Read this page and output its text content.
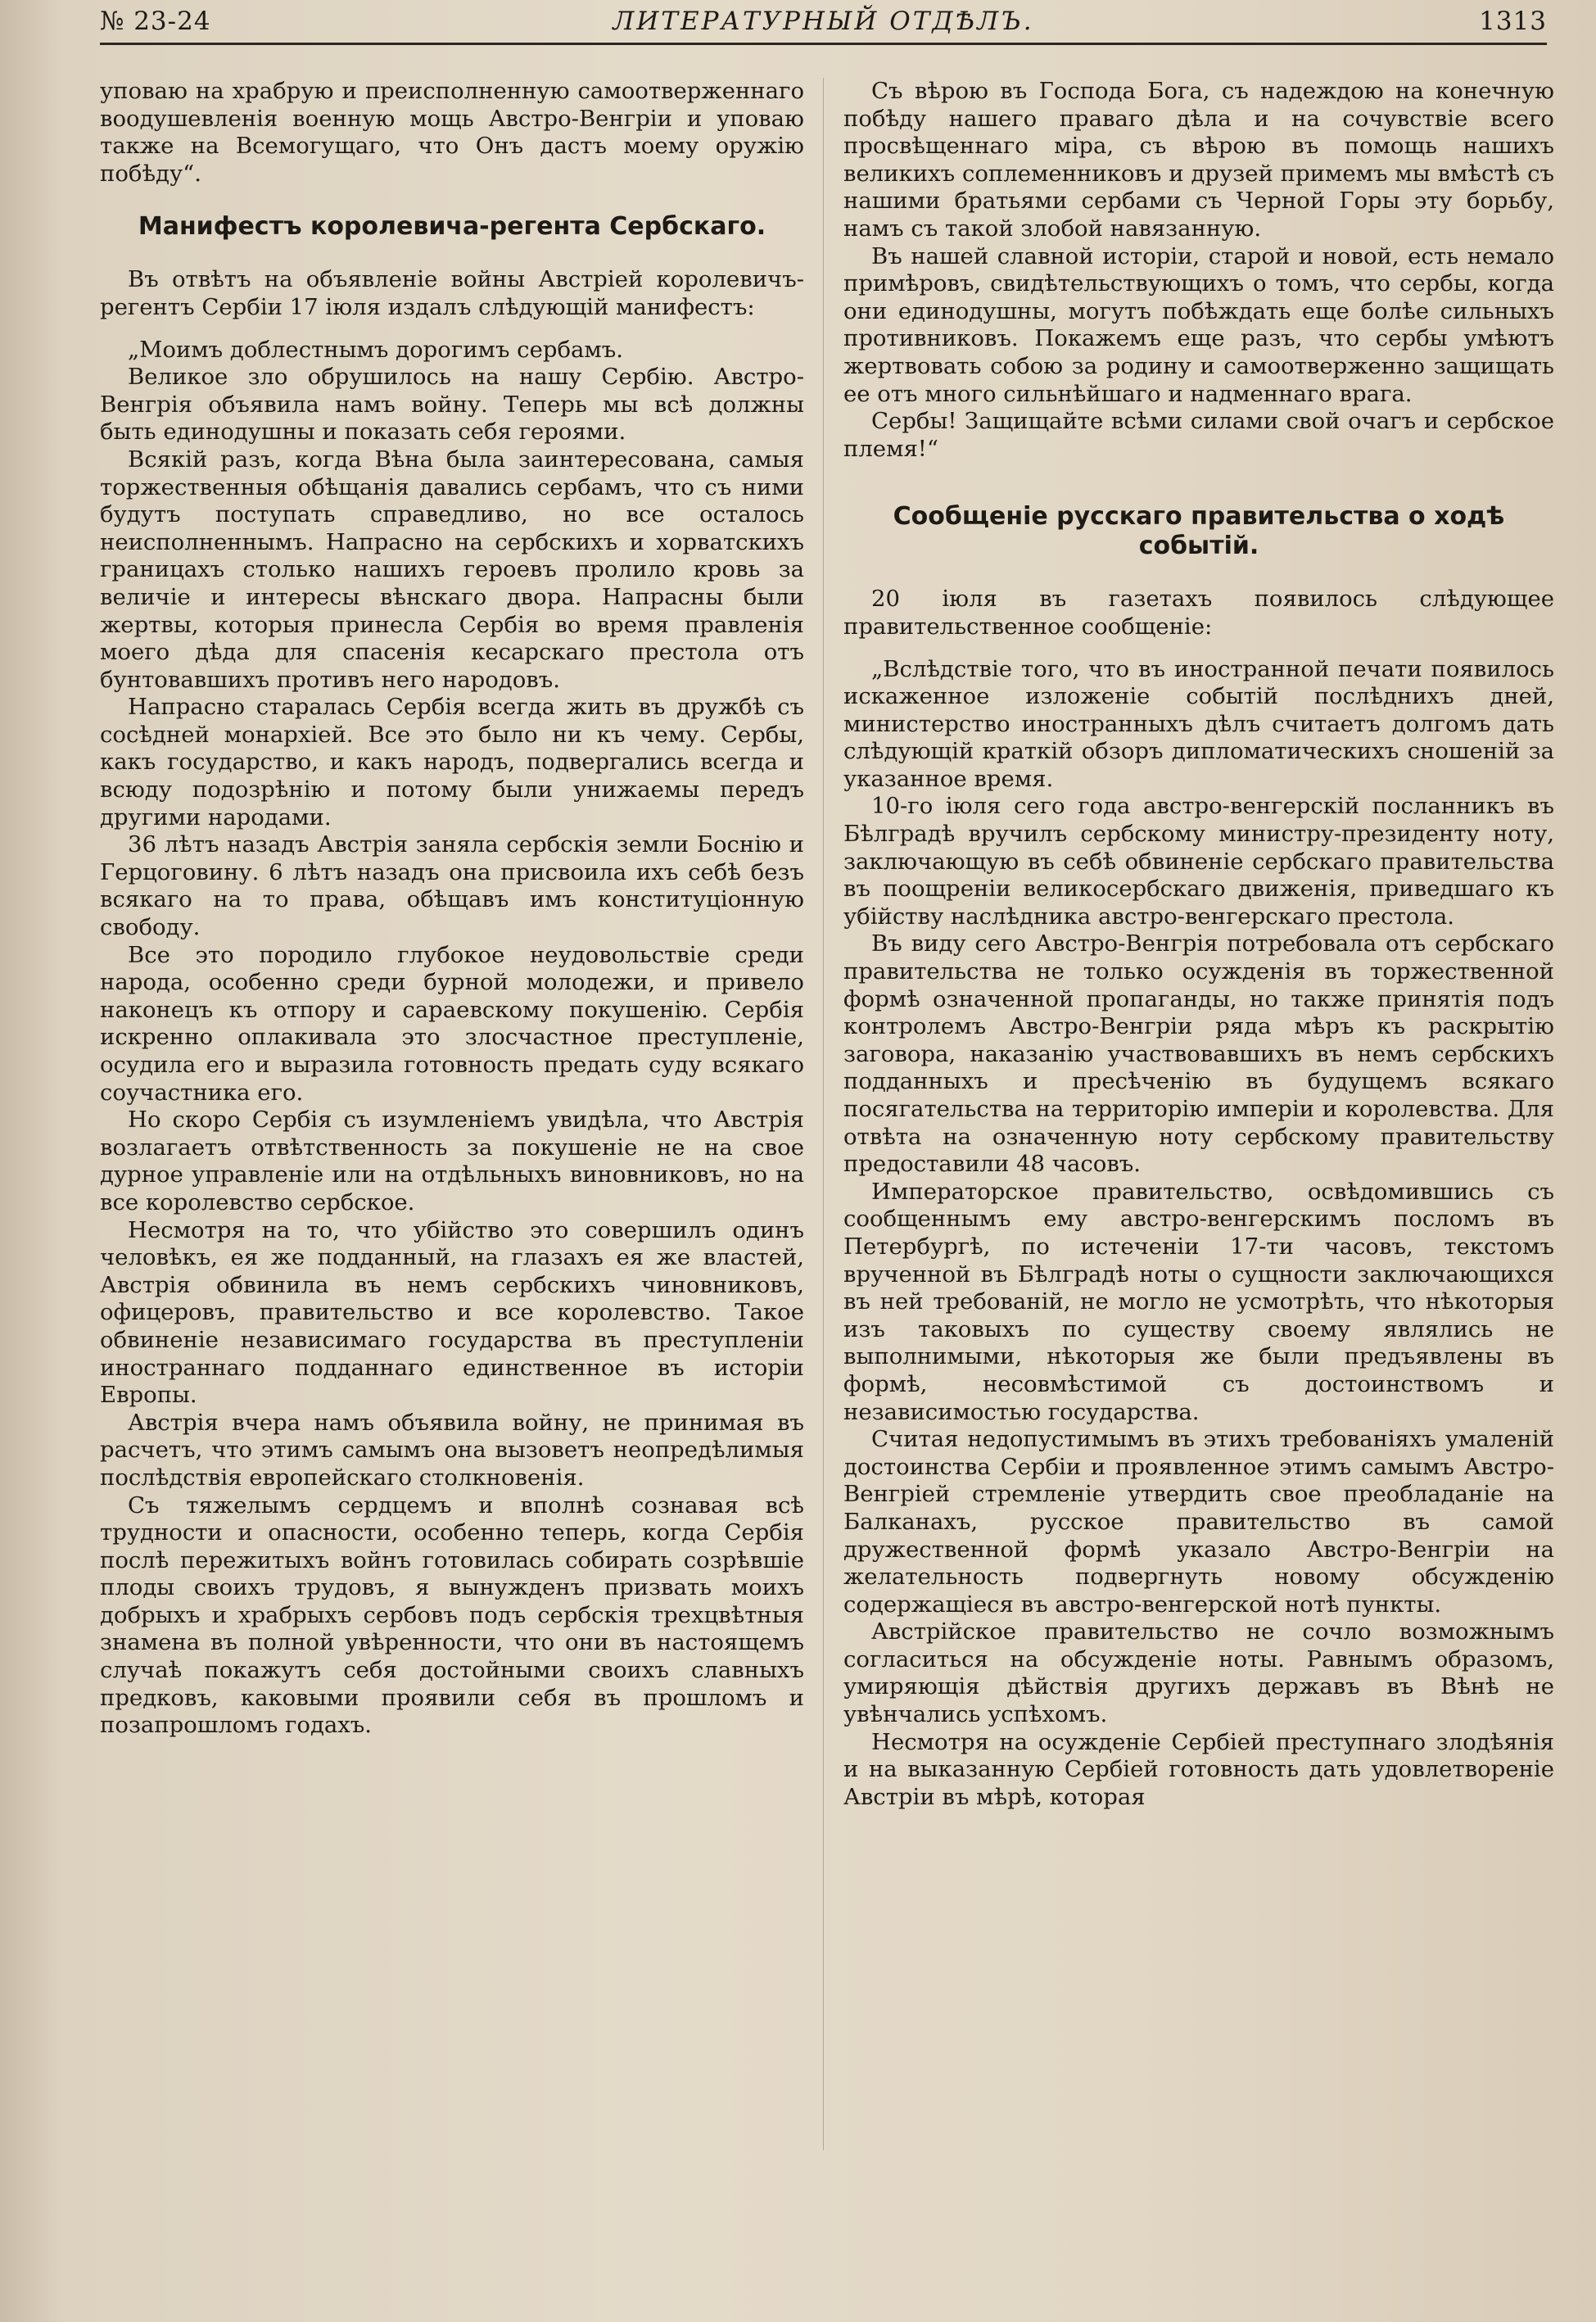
№ 23-24	ЛИТЕРАТУРНЫЙ ОТДѢЛЪ.	1313

уповаю на храбрую и преисполненную самоотверженнаго воодушевленія военную мощь Австро-Венгріи и уповаю также на Всемогущаго, что Онъ дастъ моему оружію побѣду“.

Манифестъ королевича-регента Сербскаго.

Въ отвѣтъ на объявленіе войны Австріей королевичъ-регентъ Сербіи 17 іюля издалъ слѣдующій манифестъ:

„Моимъ доблестнымъ дорогимъ сербамъ.

Великое зло обрушилось на нашу Сербію. Австро-Венгрія объявила намъ войну. Теперь мы всѣ должны быть единодушны и показать себя героями.

Всякій разъ, когда Вѣна была заинтересована, самыя торжественныя обѣщанія давались сербамъ, что съ ними будутъ поступать справедливо, но все осталось неисполненнымъ. Напрасно на сербскихъ и хорватскихъ границахъ столько нашихъ героевъ пролило кровь за величіе и интересы вѣнскаго двора. Напрасны были жертвы, которыя принесла Сербія во время правленія моего дѣда для спасенія кесарскаго престола отъ бунтовавшихъ противъ него народовъ.

Напрасно старалась Сербія всегда жить въ дружбѣ съ сосѣдней монархіей. Все это было ни къ чему. Сербы, какъ государство, и какъ народъ, подвергались всегда и всюду подозрѣнію и потому были унижаемы передъ другими народами.

36 лѣтъ назадъ Австрія заняла сербскія земли Боснію и Герцоговину. 6 лѣтъ назадъ она присвоила ихъ себѣ безъ всякаго на то права, обѣщавъ имъ конституціонную свободу.

Все это породило глубокое неудовольствіе среди народа, особенно среди бурной молодежи, и привело наконецъ къ отпору и сараевскому покушенію. Сербія искренно оплакивала это злосчастное преступленіе, осудила его и выразила готовность предать суду всякаго соучастника его.

Но скоро Сербія съ изумленіемъ увидѣла, что Австрія возлагаетъ отвѣтственность за покушеніе не на свое дурное управленіе или на отдѣльныхъ виновниковъ, но на все королевство сербское.

Несмотря на то, что убійство это совершилъ одинъ человѣкъ, ея же подданный, на глазахъ ея же властей, Австрія обвинила въ немъ сербскихъ чиновниковъ, офицеровъ, правительство и все королевство. Такое обвиненіе независимаго государства въ преступленіи иностраннаго подданнаго единственное въ исторіи Европы.

Австрія вчера намъ объявила войну, не принимая въ расчетъ, что этимъ самымъ она вызоветъ неопредѣлимыя послѣдствія европейскаго столкновенія.

Съ тяжелымъ сердцемъ и вполнѣ сознавая всѣ трудности и опасности, особенно теперь, когда Сербія послѣ пережитыхъ войнъ готовилась собирать созрѣвшіе плоды своихъ трудовъ, я вынужденъ призвать моихъ добрыхъ и храбрыхъ сербовъ подъ сербскія трехцвѣтныя знамена въ полной увѣренности, что они въ настоящемъ случаѣ покажутъ себя достойными своихъ славныхъ предковъ, каковыми проявили себя въ прошломъ и позапрошломъ годахъ.

Съ вѣрою въ Господа Бога, съ надеждою на конечную побѣду нашего праваго дѣла и на сочувствіе всего просвѣщеннаго міра, съ вѣрою въ помощь нашихъ великихъ соплеменниковъ и друзей примемъ мы вмѣстѣ съ нашими братьями сербами съ Черной Горы эту борьбу, намъ съ такой злобой навязанную.

Въ нашей славной исторіи, старой и новой, есть немало примѣровъ, свидѣтельствующихъ о томъ, что сербы, когда они единодушны, могутъ побѣждать еще болѣе сильныхъ противниковъ. Покажемъ еще разъ, что сербы умѣютъ жертвовать собою за родину и самоотверженно защищать ее отъ много сильнѣйшаго и надменнаго врага.

Сербы! Защищайте всѣми силами свой очагъ и сербское племя!“

Сообщеніе русскаго правительства о ходѣ событій.

20 іюля въ газетахъ появилось слѣдующее правительственное сообщеніе:

„Вслѣдствіе того, что въ иностранной печати появилось искаженное изложеніе событій послѣднихъ дней, министерство иностранныхъ дѣлъ считаетъ долгомъ дать слѣдующій краткій обзоръ дипломатическихъ сношеній за указанное время.

10-го іюля сего года австро-венгерскій посланникъ въ Бѣлградѣ вручилъ сербскому министру-президенту ноту, заключающую въ себѣ обвиненіе сербскаго правительства въ поощреніи великосербскаго движенія, приведшаго къ убійству наслѣдника австро-венгерскаго престола.

Въ виду сего Австро-Венгрія потребовала отъ сербскаго правительства не только осужденія въ торжественной формѣ означенной пропаганды, но также принятія подъ контролемъ Австро-Венгріи ряда мѣръ къ раскрытію заговора, наказанію участвовавшихъ въ немъ сербскихъ подданныхъ и пресѣченію въ будущемъ всякаго посягательства на территорію имперіи и королевства. Для отвѣта на означенную ноту сербскому правительству предоставили 48 часовъ.

Императорское правительство, освѣдомившись съ сообщеннымъ ему австро-венгерскимъ посломъ въ Петербургѣ, по истеченіи 17-ти часовъ, текстомъ врученной въ Бѣлградѣ ноты о сущности заключающихся въ ней требованій, не могло не усмотрѣть, что нѣкоторыя изъ таковыхъ по существу своему являлись не выполнимыми, нѣкоторыя же были предъявлены въ формѣ, несовмѣстимой съ достоинствомъ и независимостью государства.

Считая недопустимымъ въ этихъ требованіяхъ умаленій достоинства Сербіи и проявленное этимъ самымъ Австро-Венгріей стремленіе утвердить свое преобладаніе на Балканахъ, русское правительство въ самой дружественной формѣ указало Австро-Венгріи на желательность подвергнуть новому обсужденію содержащіеся въ австро-венгерской нотѣ пункты.

Австрійское правительство не сочло возможнымъ согласиться на обсужденіе ноты. Равнымъ образомъ, умиряющія дѣйствія другихъ державъ въ Вѣнѣ не увѣнчались успѣхомъ.

Несмотря на осужденіе Сербіей преступнаго злодѣянія и на выказанную Сербіей готовность дать удовлетвореніе Австріи въ мѣрѣ, которая
